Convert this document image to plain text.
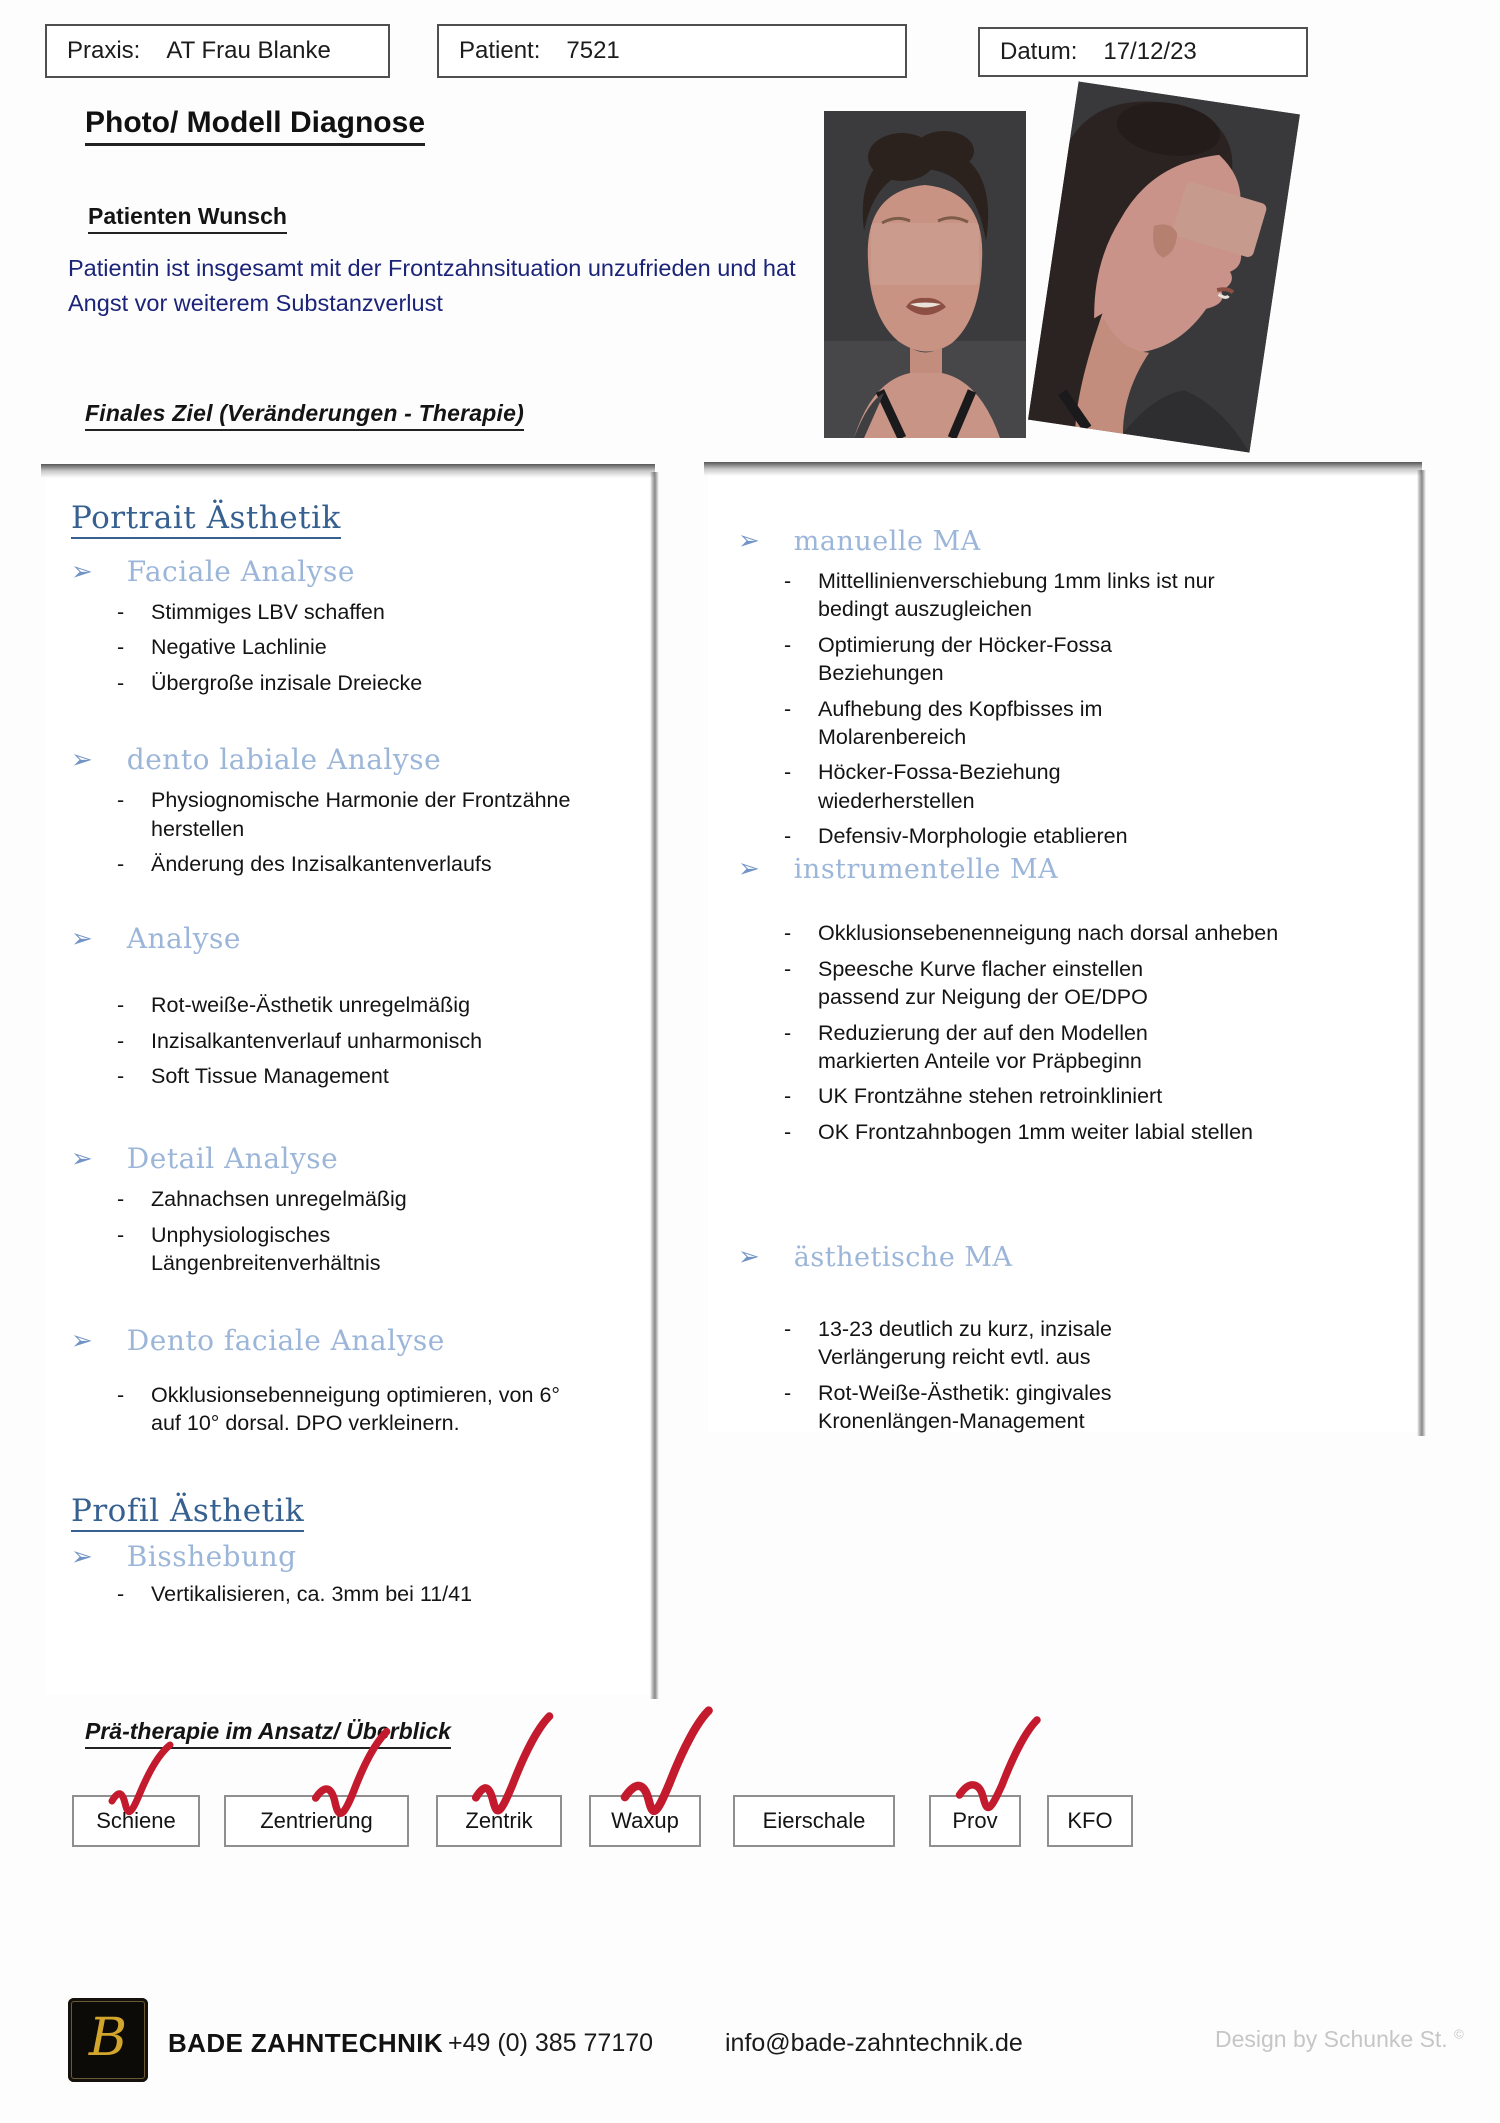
Praxis: AT Frau Blanke	Patient: 7521	Datum: 17/12/23
Photo/ Modell Diagnose
Patienten Wunsch
Patientin ist insgesamt mit der Frontzahnsituation unzufrieden und hat Angst vor weiterem Substanzverlust
Finales Ziel (Veränderungen - Therapie)
Portrait Ästhetik
➢ Faciale Analyse
- Stimmiges LBV schaffen
- Negative Lachlinie
- Übergroße inzisale Dreiecke
➢ dento labiale Analyse
- Physiognomische Harmonie der Frontzähne herstellen
- Änderung des Inzisalkantenverlaufs
➢ Analyse
- Rot-weiße-Ästhetik unregelmäßig
- Inzisalkantenverlauf unharmonisch
- Soft Tissue Management
➢ Detail Analyse
- Zahnachsen unregelmäßig
- Unphysiologisches Längenbreitenverhältnis
➢ Dento faciale Analyse
- Okklusionsebenneigung optimieren, von 6° auf 10° dorsal. DPO verkleinern.
Profil Ästhetik
➢ Bisshebung
- Vertikalisieren, ca. 3mm bei 11/41
➢ manuelle MA
- Mittellinienverschiebung 1mm links ist nur bedingt auszugleichen
- Optimierung der Höcker-Fossa Beziehungen
- Aufhebung des Kopfbisses im Molarenbereich
- Höcker-Fossa-Beziehung wiederherstellen
- Defensiv-Morphologie etablieren
➢ instrumentelle MA
- Okklusionsebenenneigung nach dorsal anheben
- Speesche Kurve flacher einstellen passend zur Neigung der OE/DPO
- Reduzierung der auf den Modellen markierten Anteile vor Präpbeginn
- UK Frontzähne stehen retroinkliniert
- OK Frontzahnbogen 1mm weiter labial stellen
➢ ästhetische MA
- 13-23 deutlich zu kurz, inzisale Verlängerung reicht evtl. aus
- Rot-Weiße-Ästhetik: gingivales Kronenlängen-Management
Prä-therapie im Ansatz/ Überblick
Schiene	Zentrierung	Zentrik	Waxup	Eierschale	Prov	KFO
B BADE ZAHNTECHNIK +49 (0) 385 77170	info@bade-zahntechnik.de	Design by Schunke St. ©
